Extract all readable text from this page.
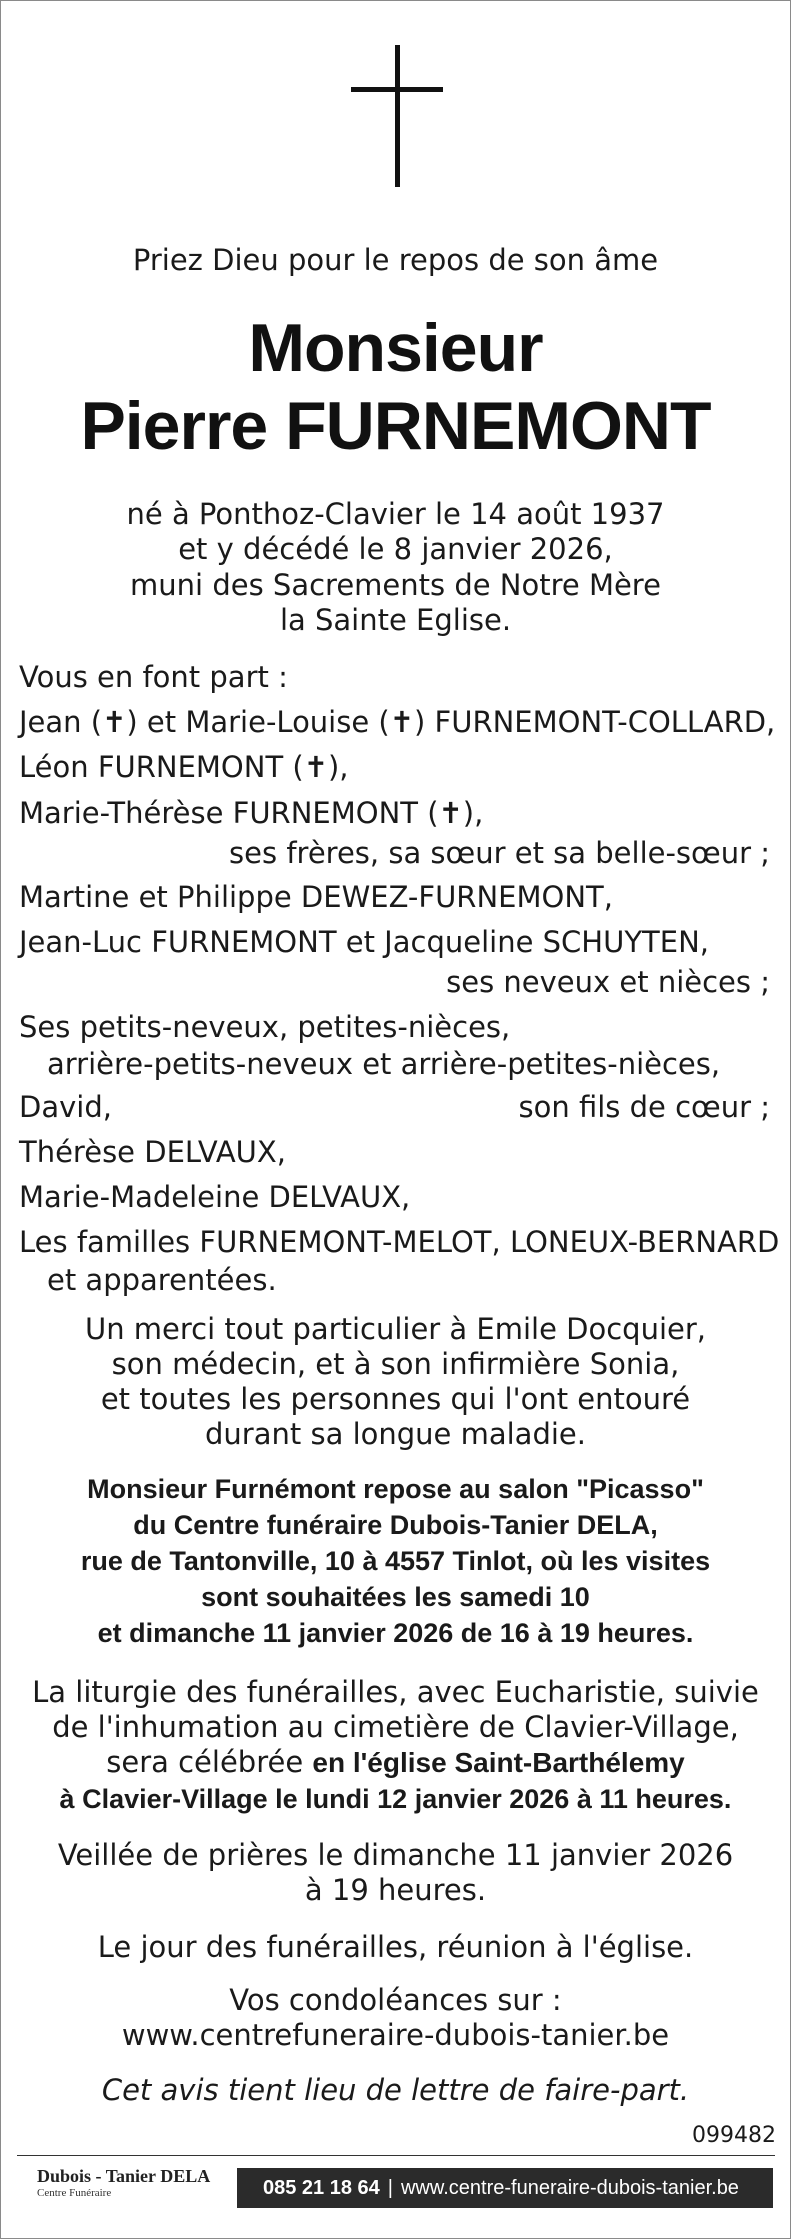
Priez Dieu pour le repos de son âme
Monsieur
Pierre FURNEMONT
né à Ponthoz-Clavier le 14 août 1937
et y décédé le 8 janvier 2026,
muni des Sacrements de Notre Mère
la Sainte Eglise.
Vous en font part :
Jean (✝) et Marie-Louise (✝) FURNEMONT-COLLARD,
Léon FURNEMONT (✝),
Marie-Thérèse FURNEMONT (✝),
ses frères, sa sœur et sa belle-sœur ;
Martine et Philippe DEWEZ-FURNEMONT,
Jean-Luc FURNEMONT et Jacqueline SCHUYTEN,
ses neveux et nièces ;
Ses petits-neveux, petites-nièces,
arrière-petits-neveux et arrière-petites-nièces,
David,	son fils de cœur ;
Thérèse DELVAUX,
Marie-Madeleine DELVAUX,
Les familles FURNEMONT-MELOT, LONEUX-BERNARD
et apparentées.
Un merci tout particulier à Emile Docquier,
son médecin, et à son infirmière Sonia,
et toutes les personnes qui l'ont entouré
durant sa longue maladie.
Monsieur Furnémont repose au salon "Picasso"
du Centre funéraire Dubois-Tanier DELA,
rue de Tantonville, 10 à 4557 Tinlot, où les visites
sont souhaitées les samedi 10
et dimanche 11 janvier 2026 de 16 à 19 heures.
La liturgie des funérailles, avec Eucharistie, suivie
de l'inhumation au cimetière de Clavier-Village,
sera célébrée en l'église Saint-Barthélemy
à Clavier-Village le lundi 12 janvier 2026 à 11 heures.
Veillée de prières le dimanche 11 janvier 2026
à 19 heures.
Le jour des funérailles, réunion à l'église.
Vos condoléances sur :
www.centrefuneraire-dubois-tanier.be
Cet avis tient lieu de lettre de faire-part.
099482
Dubois - Tanier DELA
Centre Funéraire	085 21 18 64 | www.centre-funeraire-dubois-tanier.be
